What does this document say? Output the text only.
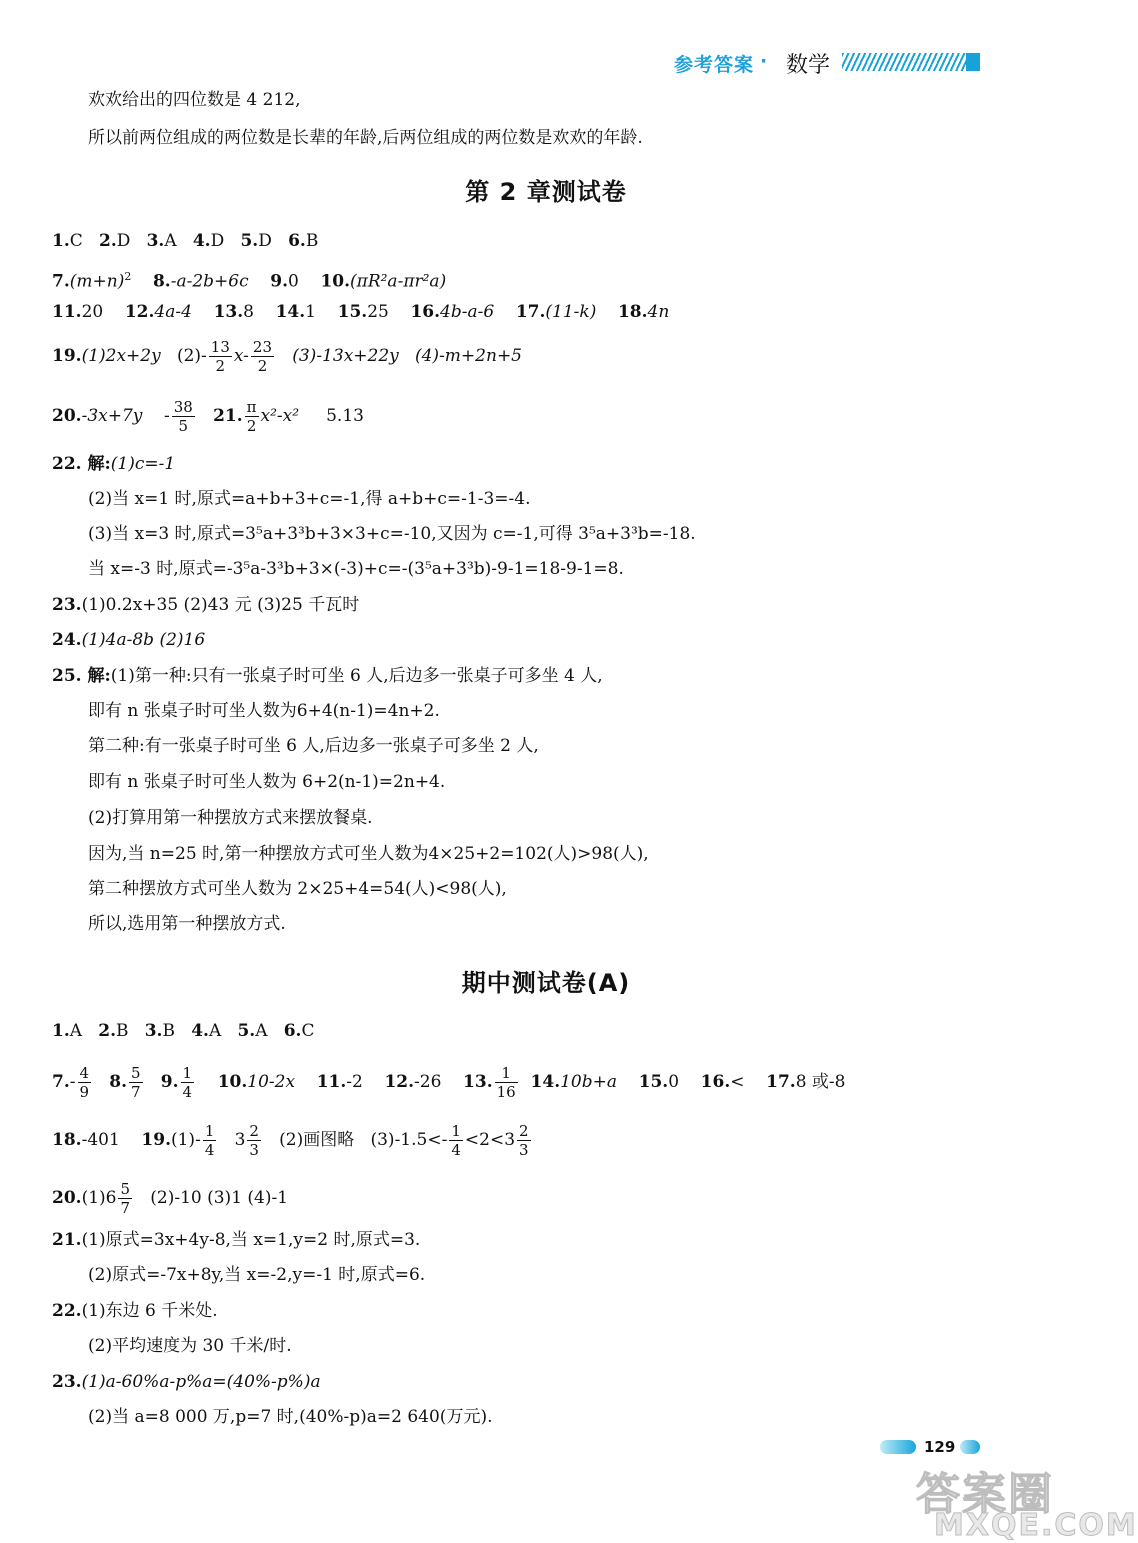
参考答案 · 数学
欢欢给出的四位数是 4 212,
所以前两位组成的两位数是长辈的年龄,后两位组成的两位数是欢欢的年龄.
第 2 章测试卷
1.C 2.D 3.A 4.D 5.D 6.B
$7.(m+n)^2$ 8.-a-2b+6c 9.0 10.(πR²a-πr²a)
11.20 12.4a-4 13.8 14.1 15.25 16.4b-a-6 17.(11-k) 18.4n
19.(1)2x+2y $(2)- \frac{13}{2} x- \frac{23}{2} (3)-13x+22y$ (4)-m+2n+5
$20.-3x+7y - \frac{38}{5} 21$. $\frac{\pi}{2} x^2-x^2$ 5.13
22. 解:(1)c=-1
(2)当 x=1 时,原式=a+b+3+c=-1,得 a+b+c=-1-3=-4.
(3)当 x=3 时,原式=3⁵a+3³b+3×3+c=-10,又因为 c=-1,可得 3⁵a+3³b=-18.
当 x=-3 时,原式=-3⁵a-3³b+3×(-3)+c=-(3⁵a+3³b)-9-1=18-9-1=8.
23.(1)0.2x+35 (2)43 元 (3)25 千瓦时
24.(1)4a-8b (2)16
25. 解:(1)第一种:只有一张桌子时可坐 6 人,后边多一张桌子可多坐 4 人,
即有 n 张桌子时可坐人数为6+4(n-1)=4n+2.
第二种:有一张桌子时可坐 6 人,后边多一张桌子可多坐 2 人,
即有 n 张桌子时可坐人数为 6+2(n-1)=2n+4.
(2)打算用第一种摆放方式来摆放餐桌.
因为,当 n=25 时,第一种摆放方式可坐人数为4×25+2=102(人)>98(人),
第二种摆放方式可坐人数为 2×25+4=54(人)<98(人),
所以,选用第一种摆放方式.
期中测试卷(A)
1.A 2.B 3.B 4.A 5.A 6.C
$7.- \frac{4}{9} 8$. $\frac{5}{7} 9$. $\frac{1}{4} 10.10-2x$ 11.-2 12.-26 13. $\frac{1}{16} 14.10b+a$ 15.0 16.< 17.8 或-8
18.-401 $19.(1)- \frac{1}{4} 3 \frac{2}{3} (2)$画图略 $(3)-1.5<- \frac{1}{4} <2<3 \frac{2}{3}$
$20.(1)6 \frac{5}{7} (2)-10$ (3)1 (4)-1
21.(1)原式=3x+4y-8,当 x=1,y=2 时,原式=3.
(2)原式=-7x+8y,当 x=-2,y=-1 时,原式=6.
22.(1)东边 6 千米处.
(2)平均速度为 30 千米/时.
23.(1)a-60%a-p%a=(40%-p%)a
(2)当 a=8 000 万,p=7 时,(40%-p)a=2 640(万元).
129
答案圈
MXQE.COM
